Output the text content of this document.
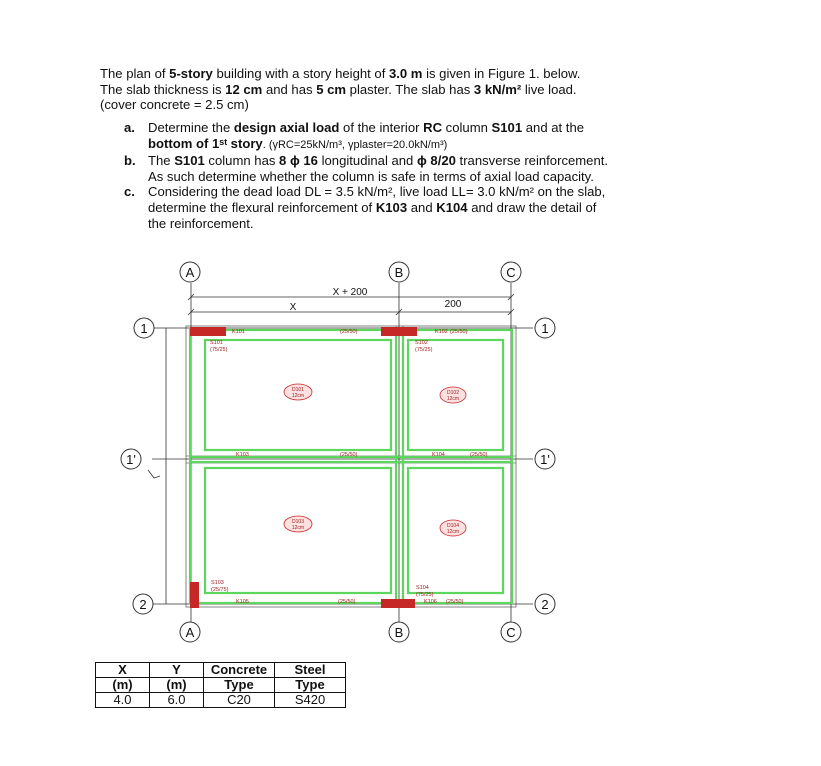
The plan of 5-story building with a story height of 3.0 m is given in Figure 1. below.

The slab thickness is 12 cm and has 5 cm plaster. The slab has 3 kN/m² live load.

(cover concrete = 2.5 cm)

a. Determine the design axial load of the interior RC column S101 and at the
bottom of 1ˢᵗ story. (γRC=25kN/m³, γplaster=20.0kN/m³)
b. The S101 column has 8 ϕ 16 longitudinal and ϕ 8/20 transverse reinforcement.
As such determine whether the column is safe in terms of axial load capacity.
c. Considering the dead load DL = 3.5 kN/m², live load LL= 3.0 kN/m² on the slab,
determine the flexural reinforcement of K103 and K104 and draw the detail of
the reinforcement.
A	B	C
A	B	C
1
1'
2
1
1'
2
X + 200
X	200
K101	K102 (25/50)
(25/50)
K103	(25/50)	K104	(25/50)
K105	(25/50)	K106 (25/50)
S101
(75/25)
S102
(75/25)
S103
(25/75)	S104
(75/25)
D101
12cm	D102
12cm
D103
12cm	D104
12cm
X	Y	Concrete	Steel
(m)	(m)	Type	Type
4.0	6.0	C20	S420
